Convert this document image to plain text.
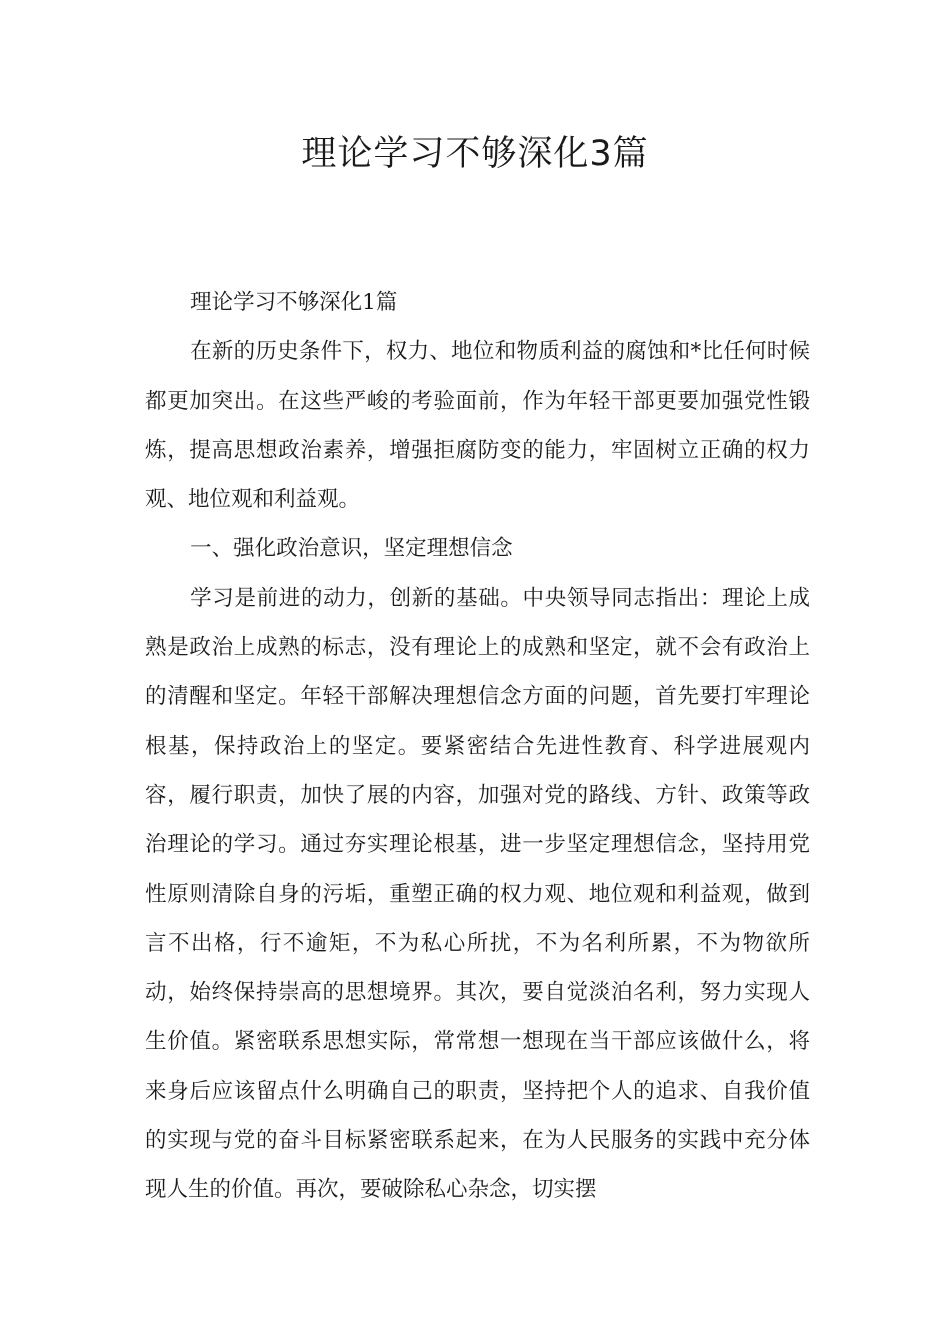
理论学习不够深化3篇

理论学习不够深化1篇

在新的历史条件下，权力、地位和物质利益的腐蚀和*比任何时候都更加突出。在这些严峻的考验面前，作为年轻干部更要加强党性锻炼，提高思想政治素养，增强拒腐防变的能力，牢固树立正确的权力观、地位观和利益观。

一、强化政治意识，坚定理想信念

学习是前进的动力，创新的基础。中央领导同志指出：理论上成熟是政治上成熟的标志，没有理论上的成熟和坚定，就不会有政治上的清醒和坚定。年轻干部解决理想信念方面的问题，首先要打牢理论根基，保持政治上的坚定。要紧密结合先进性教育、科学进展观内容，履行职责，加快了展的内容，加强对党的路线、方针、政策等政治理论的学习。通过夯实理论根基，进一步坚定理想信念，坚持用党性原则清除自身的污垢，重塑正确的权力观、地位观和利益观，做到言不出格，行不逾矩，不为私心所扰，不为名利所累，不为物欲所动，始终保持崇高的思想境界。其次，要自觉淡泊名利，努力实现人生价值。紧密联系思想实际，常常想一想现在当干部应该做什么，将来身后应该留点什么明确自己的职责，坚持把个人的追求、自我价值的实现与党的奋斗目标紧密联系起来，在为人民服务的实践中充分体现人生的价值。再次，要破除私心杂念，切实摆
